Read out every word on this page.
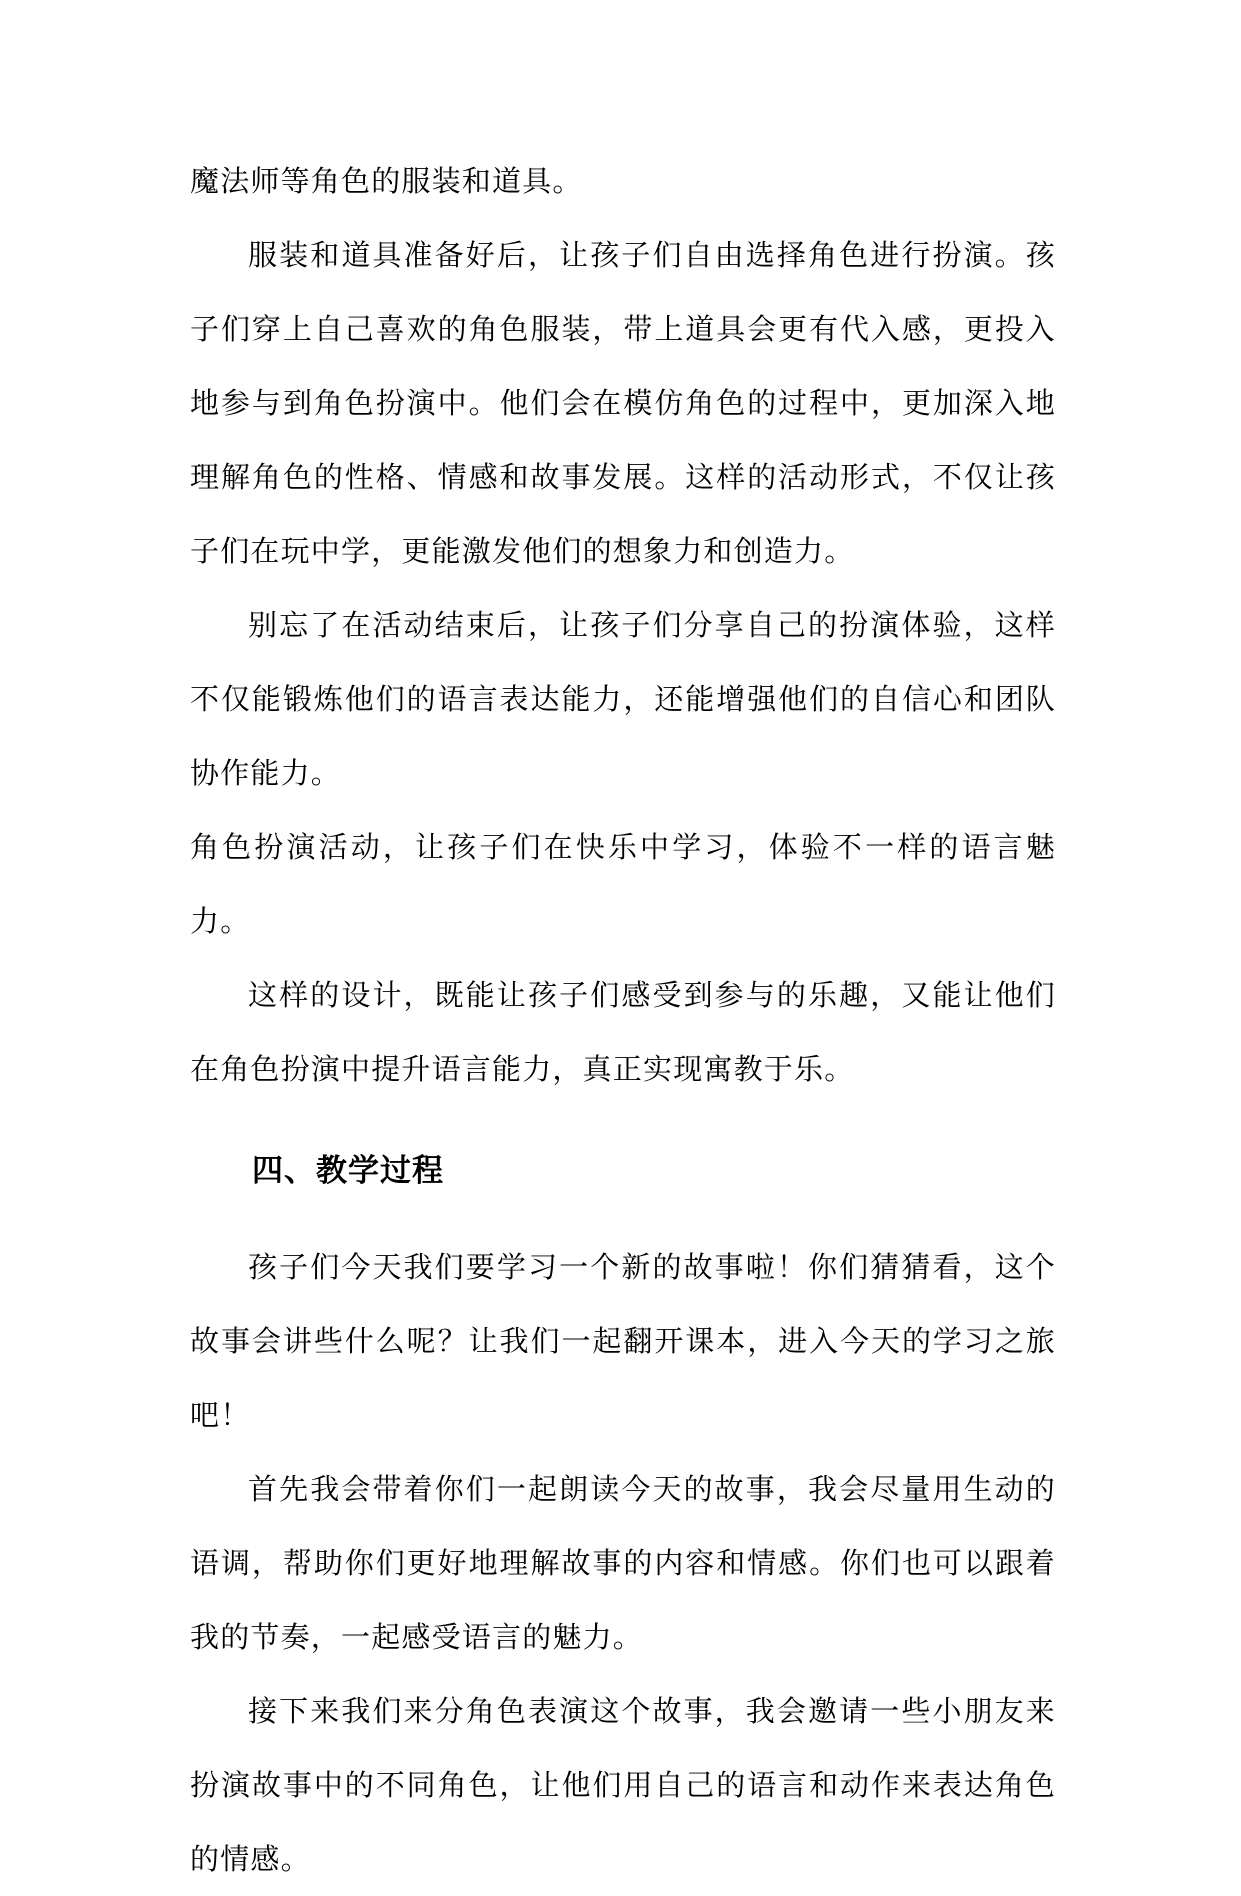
魔法师等角色的服装和道具。

服装和道具准备好后，让孩子们自由选择角色进行扮演。孩子们穿上自己喜欢的角色服装，带上道具会更有代入感，更投入地参与到角色扮演中。他们会在模仿角色的过程中，更加深入地理解角色的性格、情感和故事发展。这样的活动形式，不仅让孩子们在玩中学，更能激发他们的想象力和创造力。

别忘了在活动结束后，让孩子们分享自己的扮演体验，这样不仅能锻炼他们的语言表达能力，还能增强他们的自信心和团队协作能力。

角色扮演活动，让孩子们在快乐中学习，体验不一样的语言魅力。

这样的设计，既能让孩子们感受到参与的乐趣，又能让他们在角色扮演中提升语言能力，真正实现寓教于乐。

四、教学过程

孩子们今天我们要学习一个新的故事啦！你们猜猜看，这个故事会讲些什么呢？让我们一起翻开课本，进入今天的学习之旅吧！

首先我会带着你们一起朗读今天的故事，我会尽量用生动的语调，帮助你们更好地理解故事的内容和情感。你们也可以跟着我的节奏，一起感受语言的魅力。

接下来我们来分角色表演这个故事，我会邀请一些小朋友来扮演故事中的不同角色，让他们用自己的语言和动作来表达角色的情感。
